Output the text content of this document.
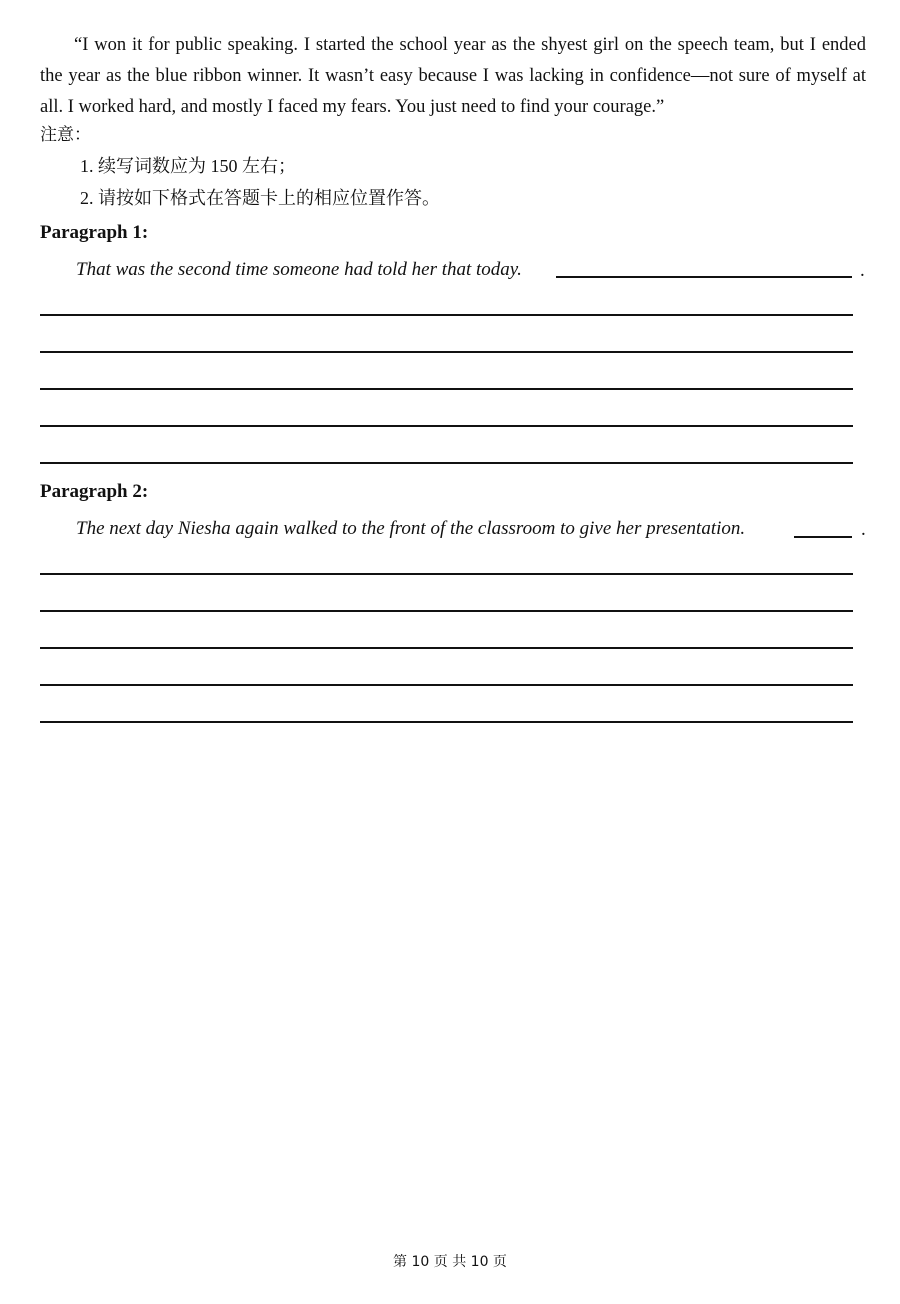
“I won it for public speaking. I started the school year as the shyest girl on the speech team, but I ended the year as the blue ribbon winner. It wasn’t easy because I was lacking in confidence—not sure of myself at all. I worked hard, and mostly I faced my fears. You just need to find your courage.”

注意：
1. 续写词数应为 150 左右；
2. 请按如下格式在答题卡上的相应位置作答。
Paragraph 1:
That was the second time someone had told her that today.	.
Paragraph 2:
The next day Niesha again walked to the front of the classroom to give her presentation.	.
第 10 页 共 10 页
